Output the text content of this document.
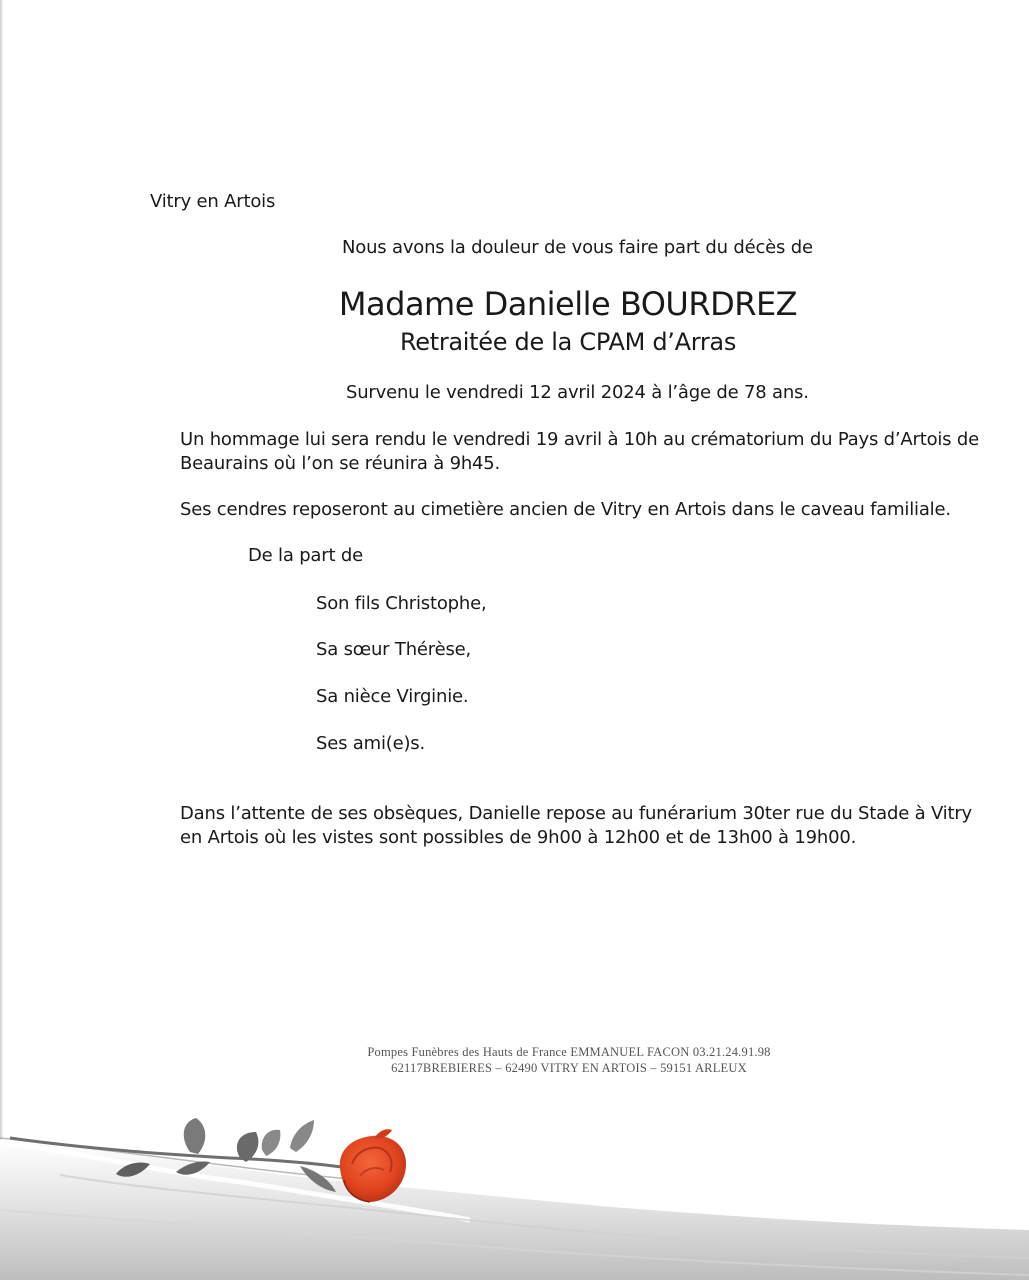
Vitry en Artois
Nous avons la douleur de vous faire part du décès de
Madame Danielle BOURDREZ
Retraitée de la CPAM d’Arras
Survenu le vendredi 12 avril 2024 à l’âge de 78 ans.
Un hommage lui sera rendu le vendredi 19 avril à 10h au crématorium du Pays d’Artois de
Beaurains où l’on se réunira à 9h45.
Ses cendres reposeront au cimetière ancien de Vitry en Artois dans le caveau familiale.
De la part de
Son fils Christophe,
Sa sœur Thérèse,
Sa nièce Virginie.
Ses ami(e)s.
Dans l’attente de ses obsèques, Danielle repose au funérarium 30ter rue du Stade à Vitry
en Artois où les vistes sont possibles de 9h00 à 12h00 et de 13h00 à 19h00.
Pompes Funèbres des Hauts de France EMMANUEL FACON 03.21.24.91.98
62117BREBIERES – 62490 VITRY EN ARTOIS – 59151 ARLEUX
